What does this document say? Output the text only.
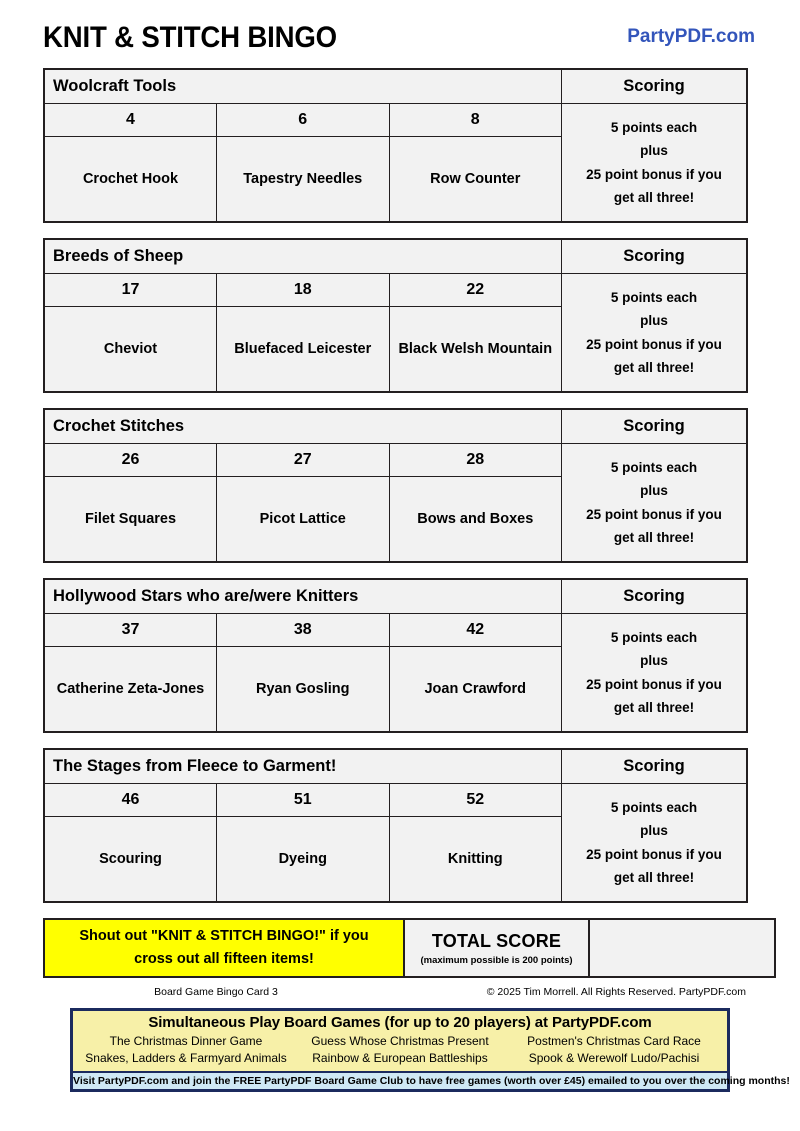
KNIT & STITCH BINGO	PartyPDF.com
Woolcraft Tools			Scoring
4	6	8	5 points each
plus
25 point bonus if you
get all three!

Crochet Hook	Tapestry Needles	Row Counter	
Breeds of Sheep			Scoring
17	18	22	5 points each
plus
25 point bonus if you
get all three!

Cheviot	Bluefaced Leicester	Black Welsh Mountain	
Crochet Stitches			Scoring
26	27	28	5 points each
plus
25 point bonus if you
get all three!

Filet Squares	Picot Lattice	Bows and Boxes	
Hollywood Stars who are/were Knitters			Scoring
37	38	42	5 points each
plus
25 point bonus if you
get all three!

Catherine Zeta-Jones	Ryan Gosling	Joan Crawford	
The Stages from Fleece to Garment!			Scoring
46	51	52	5 points each
plus
25 point bonus if you
get all three!

Scouring	Dyeing	Knitting	
Shout out "KNIT & STITCH BINGO!" if you
cross out all fifteen items!

TOTAL SCORE
(maximum possible is 200 points)

Board Game Bingo Card 3	© 2025 Tim Morrell. All Rights Reserved. PartyPDF.com
Simultaneous Play Board Games (for up to 20 players) at PartyPDF.com
The Christmas Dinner Game	Guess Whose Christmas Present	Postmen's Christmas Card Race
Snakes, Ladders & Farmyard Animals	Rainbow & European Battleships	Spook & Werewolf Ludo/Pachisi
Visit PartyPDF.com and join the FREE PartyPDF Board Game Club to have free games (worth over £45) emailed to you over the coming months!
